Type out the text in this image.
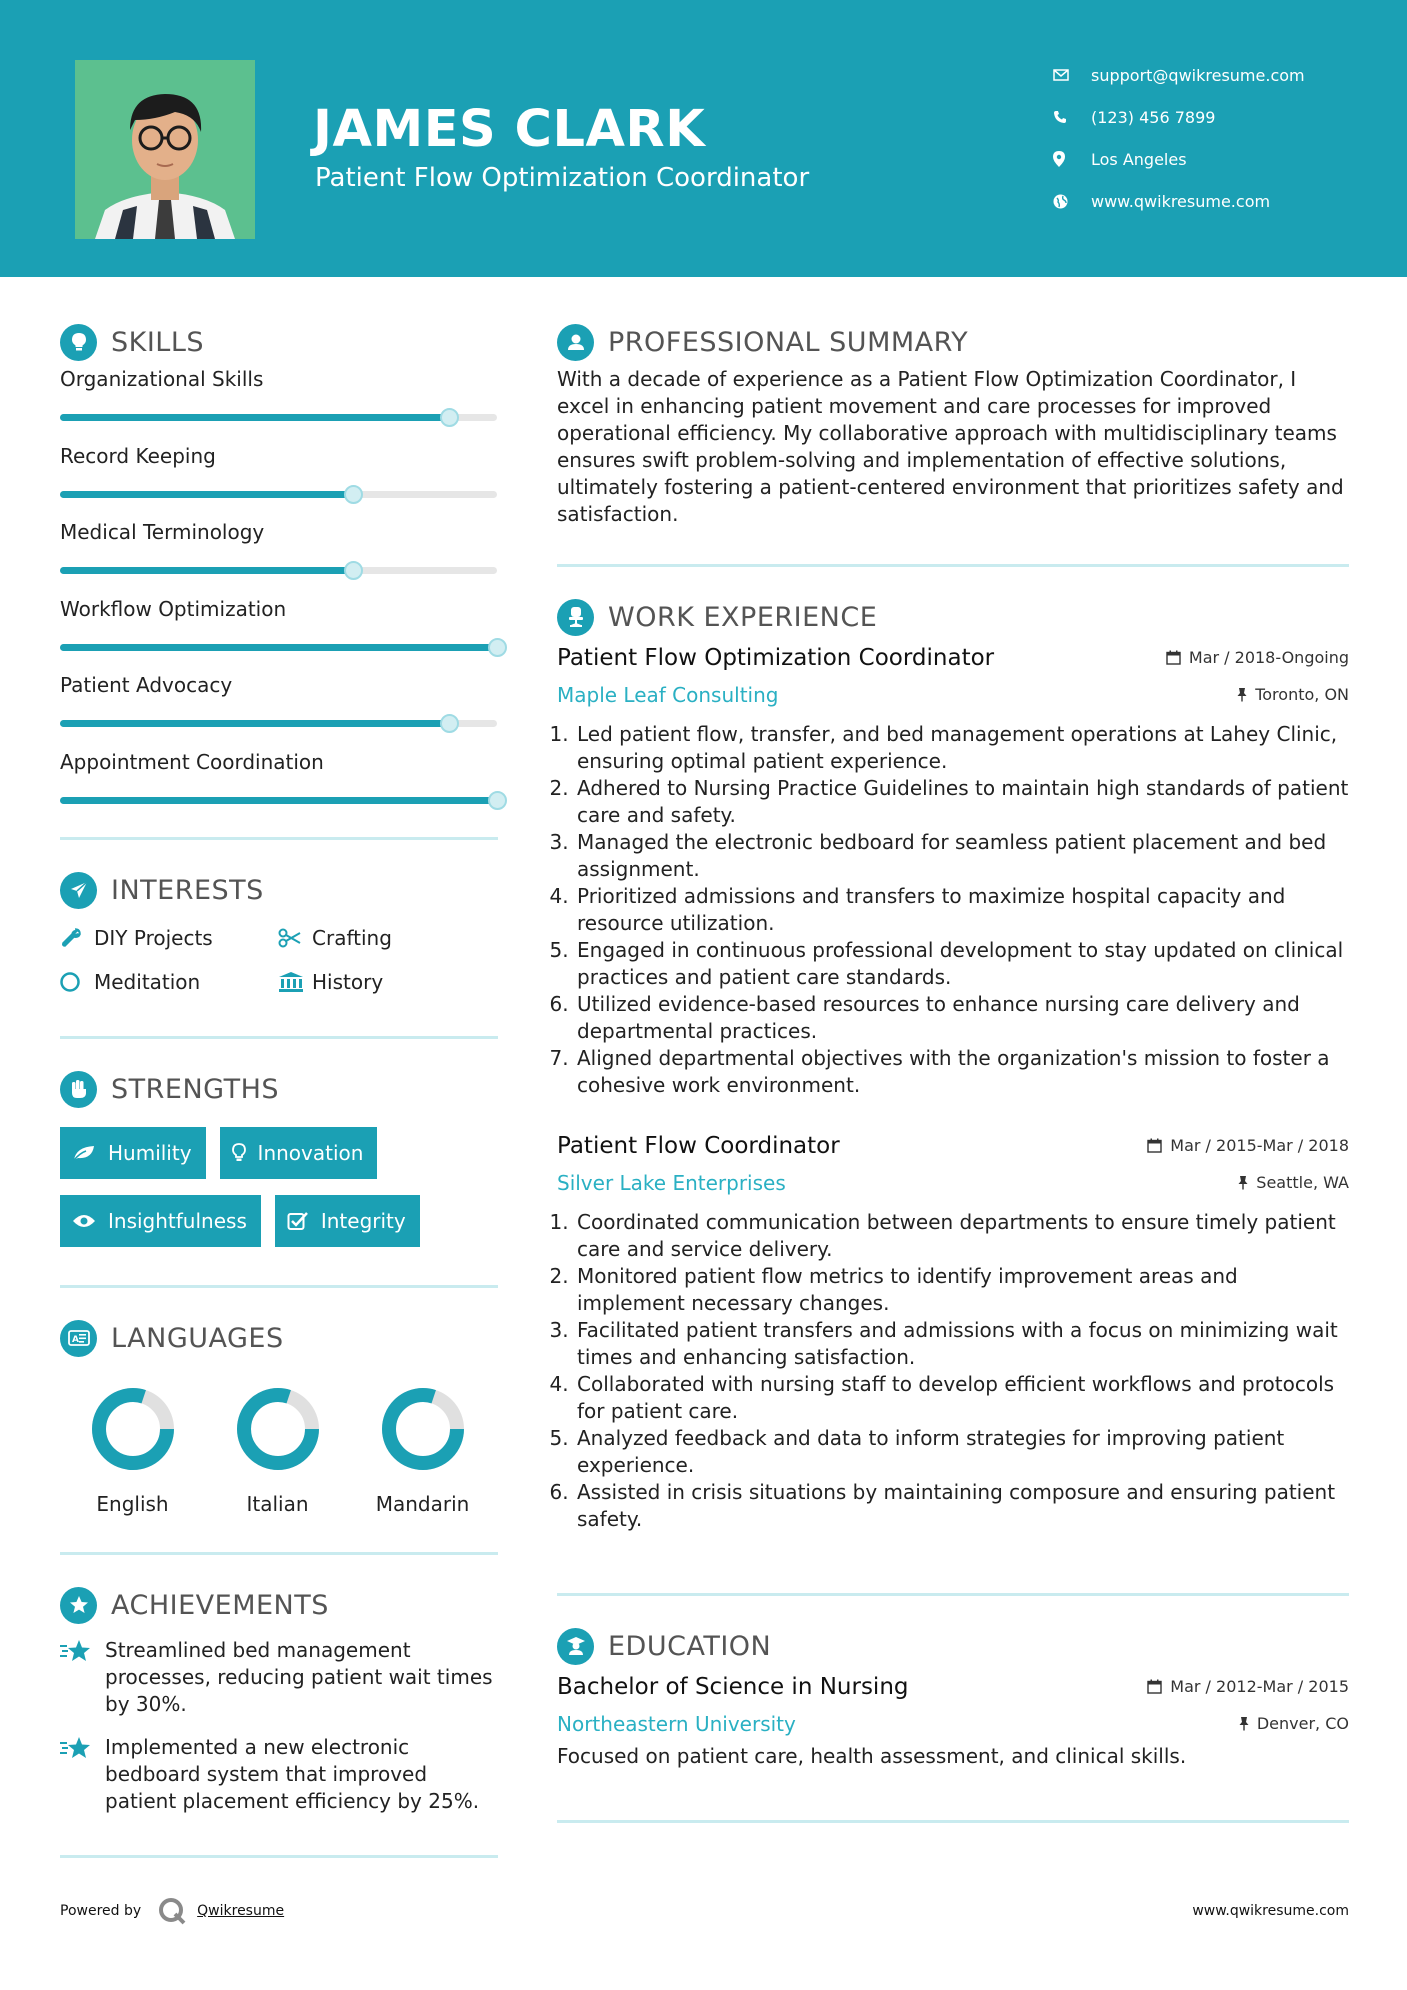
JAMES CLARK
Patient Flow Optimization Coordinator
support@qwikresume.com
(123) 456 7899
Los Angeles
www.qwikresume.com
SKILLS
Organizational Skills
Record Keeping
Medical Terminology
Workflow Optimization
Patient Advocacy
Appointment Coordination
INTERESTS
DIY Projects	Crafting
Meditation	History
STRENGTHS
Humility	Innovation
Insightfulness	Integrity
A LANGUAGES
English	Italian	Mandarin
ACHIEVEMENTS
Streamlined bed management processes, reducing patient wait times by 30%.
Implemented a new electronic bedboard system that improved patient placement efficiency by 25%.
PROFESSIONAL SUMMARY
With a decade of experience as a Patient Flow Optimization Coordinator, I excel in enhancing patient movement and care processes for improved operational efficiency. My collaborative approach with multidisciplinary teams ensures swift problem-solving and implementation of effective solutions, ultimately fostering a patient-centered environment that prioritizes safety and satisfaction.
WORK EXPERIENCE
Patient Flow Optimization Coordinator	Mar / 2018-Ongoing
Maple Leaf Consulting	Toronto, ON
1. Led patient flow, transfer, and bed management operations at Lahey Clinic, ensuring optimal patient experience.
2. Adhered to Nursing Practice Guidelines to maintain high standards of patient care and safety.
3. Managed the electronic bedboard for seamless patient placement and bed assignment.
4. Prioritized admissions and transfers to maximize hospital capacity and resource utilization.
5. Engaged in continuous professional development to stay updated on clinical practices and patient care standards.
6. Utilized evidence-based resources to enhance nursing care delivery and departmental practices.
7. Aligned departmental objectives with the organization's mission to foster a cohesive work environment.
Patient Flow Coordinator	Mar / 2015-Mar / 2018
Silver Lake Enterprises	Seattle, WA
1. Coordinated communication between departments to ensure timely patient care and service delivery.
2. Monitored patient flow metrics to identify improvement areas and implement necessary changes.
3. Facilitated patient transfers and admissions with a focus on minimizing wait times and enhancing satisfaction.
4. Collaborated with nursing staff to develop efficient workflows and protocols for patient care.
5. Analyzed feedback and data to inform strategies for improving patient experience.
6. Assisted in crisis situations by maintaining composure and ensuring patient safety.
EDUCATION
Bachelor of Science in Nursing	Mar / 2012-Mar / 2015
Northeastern University	Denver, CO
Focused on patient care, health assessment, and clinical skills.
Powered by	Qwikresume	www.qwikresume.com
